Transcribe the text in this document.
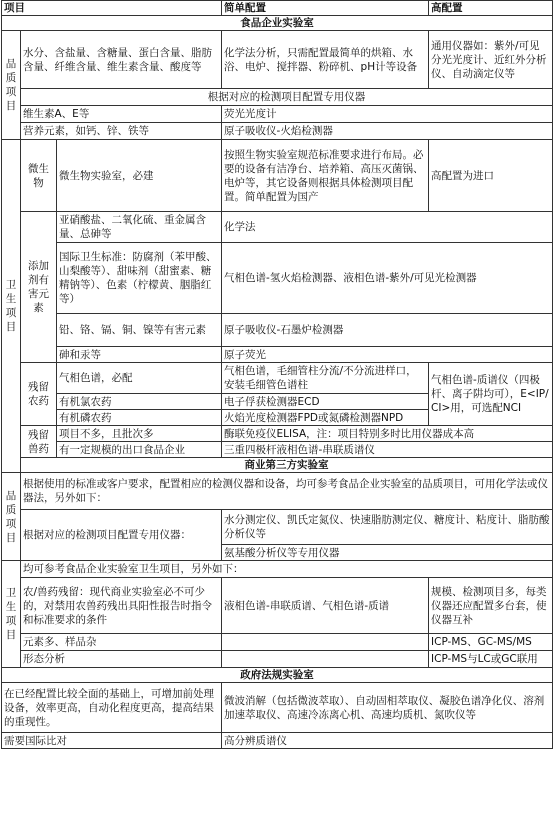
项目			简单配置	高配置
食品企业实验室				
品质项目	水分、含盐量、含糖量、蛋白含量、脂肪含量、纤维含量、维生素含量、酸度等		化学法分析，只需配置最简单的烘箱、水浴、电炉、搅拌器、粉碎机、pH计等设备	通用仪器如：紫外/可见分光光度计、近红外分析仪、自动滴定仪等
	根据对应的检测项目配置专用仪器			
	维生素A、E等		荧光光度计	
	营养元素，如钙、锌、铁等		原子吸收仪-火焰检测器	
卫生项目	微生物	微生物实验室，必建	按照生物实验室规范标准要求进行布局。必要的设备有洁净台、培养箱、高压灭菌锅、电炉等，其它设备则根据具体检测项目配置。简单配置为国产	高配置为进口
	添加剂有害元素	亚硝酸盐、二氧化硫、重金属含量、总砷等	化学法	
		国际卫生标准：防腐剂（苯甲酸、山梨酸等）、甜味剂（甜蜜素、糖精钠等）、色素（柠檬黄、胭脂红等）	气相色谱-氢火焰检测器、液相色谱-紫外/可见光检测器	
		铅、铬、镉、铜、镍等有害元素	原子吸收仪-石墨炉检测器	
		砷和汞等	原子荧光	
	残留农药	气相色谱，必配	气相色谱，毛细管柱分流/不分流进样口，安装毛细管色谱柱	气相色谱-质谱仪（四极杆、离子阱均可），E<IP/CI>用，可选配NCI
		有机氯农药	电子俘获检测器ECD	
		有机磷农药	火焰光度检测器FPD或氮磷检测器NPD	
	残留兽药	项目不多，且批次多	酶联免疫仪ELISA，注：项目特别多时比用仪器成本高	
		有一定规模的出口食品企业	三重四极杆液相色谱-串联质谱仪	
	商业第三方实验室			
品质项目	根据使用的标准或客户要求，配置相应的检测仪器和设备，均可参考食品企业实验室的品质项目，可用化学法或仪器法，另外如下：			
	根据对应的检测项目配置专用仪器：		水分测定仪、凯氏定氮仪、快速脂肪测定仪、糖度计、粘度计、脂肪酸分析仪等	
			氨基酸分析仪等专用仪器	
卫生项目	均可参考食品企业实验室卫生项目，另外如下：			
	农/兽药残留：现代商业实验室必不可少的，对禁用农兽药残出具阳性报告时指令和标准要求的条件		液相色谱-串联质谱、气相色谱-质谱	规模、检测项目多，每类仪器还应配置多台套，使仪器互补
	元素多、样品杂			ICP-MS、GC-MS/MS
	形态分析			ICP-MS与LC或GC联用
政府法规实验室				
在已经配置比较全面的基础上，可增加前处理设备，效率更高，自动化程度更高，提高结果的重现性。			微波消解（包括微波萃取）、自动固相萃取仪、凝胶色谱净化仪、溶剂加速萃取仪、高速冷冻离心机、高速均质机、氮吹仪等	
需要国际比对			高分辨质谱仪	
